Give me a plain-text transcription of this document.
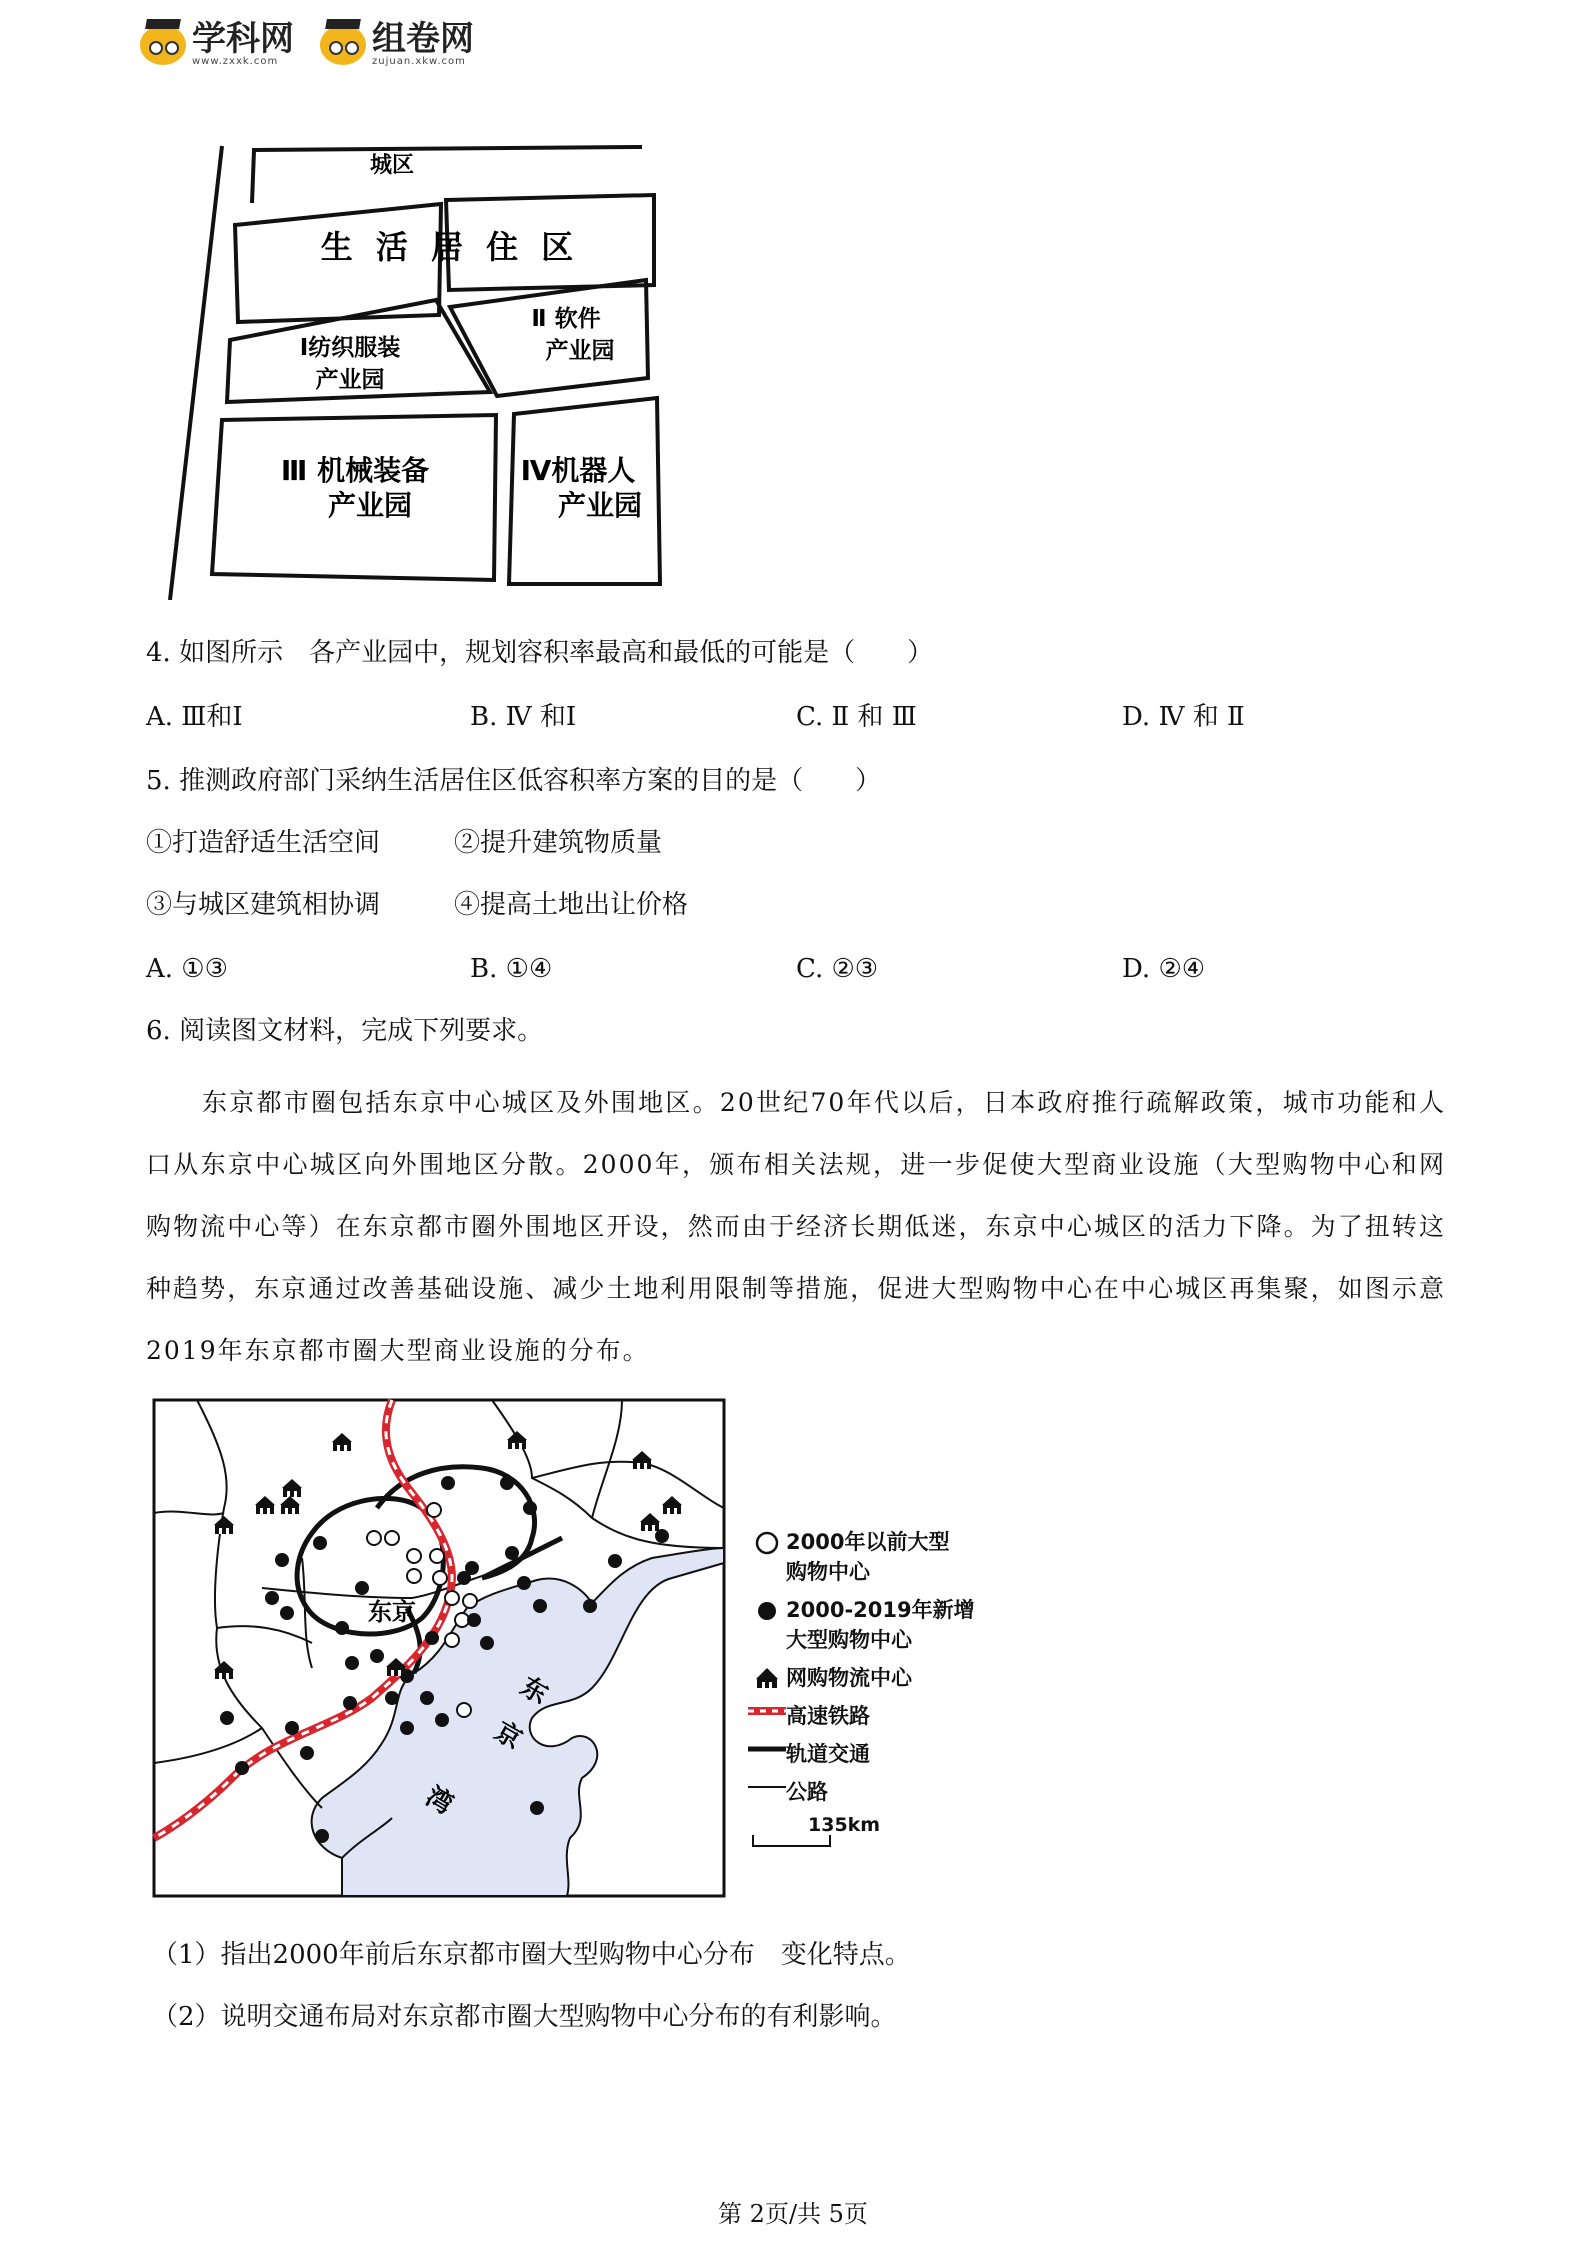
学科网
www.zxxk.com
组卷网
zujuan.xkw.com
城区
生 活 居 住 区
Ⅰ纺织服装
产业园
Ⅱ 软件
产业园
Ⅲ 机械装备
产业园
Ⅳ机器人
产业园
4. 如图所示　各产业园中，规划容积率最高和最低的可能是（　　）
A. Ⅲ和Ⅰ	B. Ⅳ 和Ⅰ	C. Ⅱ 和 Ⅲ	D. Ⅳ 和 Ⅱ
5. 推测政府部门采纳生活居住区低容积率方案的目的是（　　）
①打造舒适生活空间	②提升建筑物质量
③与城区建筑相协调	④提高土地出让价格
A. ①③	B. ①④	C. ②③	D. ②④
6. 阅读图文材料，完成下列要求。
东京都市圈包括东京中心城区及外围地区。20世纪70年代以后，日本政府推行疏解政策，城市功能和人口从东京中心城区向外围地区分散。2000年，颁布相关法规，进一步促使大型商业设施（大型购物中心和网购物流中心等）在东京都市圈外围地区开设，然而由于经济长期低迷，东京中心城区的活力下降。为了扭转这种趋势，东京通过改善基础设施、减少土地利用限制等措施，促进大型购物中心在中心城区再集聚，如图示意2019年东京都市圈大型商业设施的分布。
东京
东
京
湾
2000年以前大型
购物中心
2000-2019年新增
大型购物中心
网购物流中心
高速铁路
轨道交通
公路
135km
（1）指出2000年前后东京都市圈大型购物中心分布　变化特点。
（2）说明交通布局对东京都市圈大型购物中心分布的有利影响。
第 2页/共 5页
